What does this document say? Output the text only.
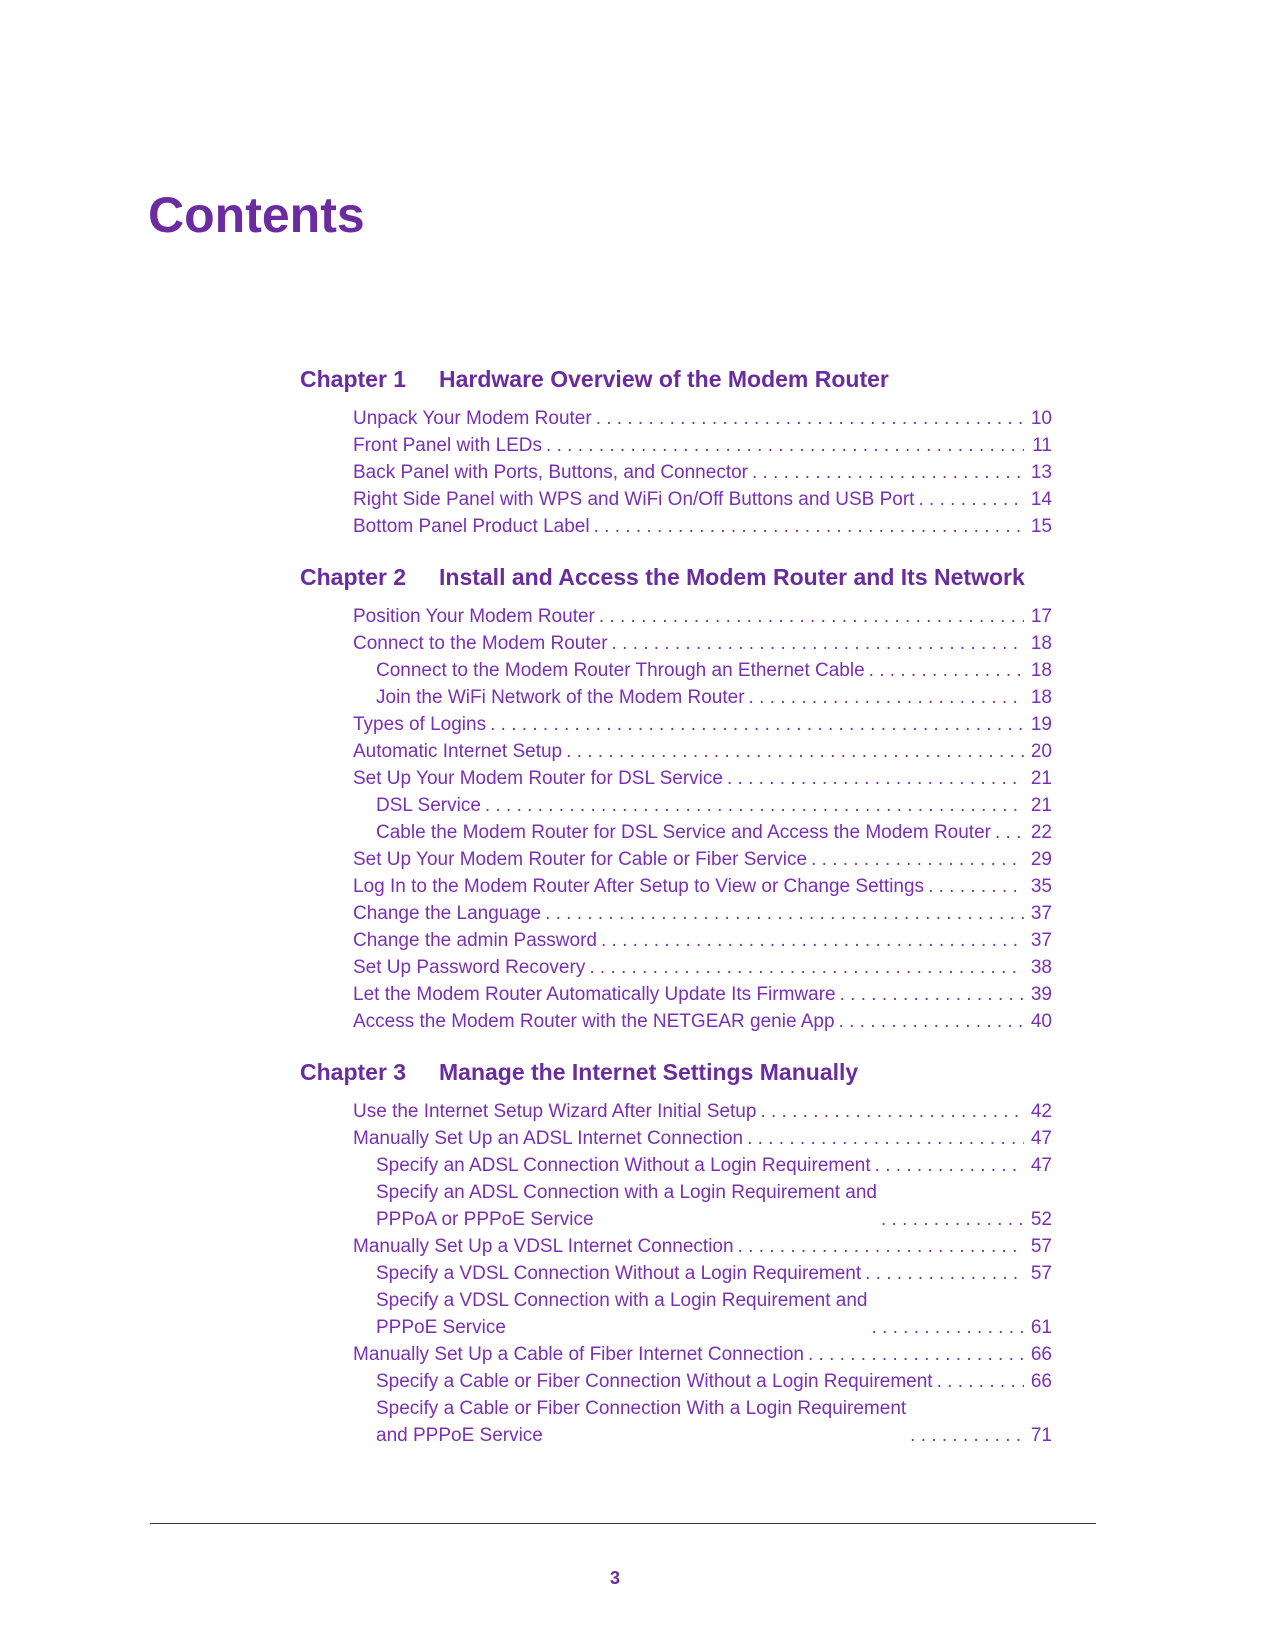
Contents
Chapter 1	Hardware Overview of the Modem Router
Unpack Your Modem Router . . .	10
Front Panel with LEDs . . .	11
Back Panel with Ports, Buttons, and Connector . . .	13
Right Side Panel with WPS and WiFi On/Off Buttons and USB Port . . .	14
Bottom Panel Product Label . . .	15
Chapter 2	Install and Access the Modem Router and Its Network
Position Your Modem Router . . .	17
Connect to the Modem Router . . .	18
Connect to the Modem Router Through an Ethernet Cable . . .	18
Join the WiFi Network of the Modem Router . . .	18
Types of Logins . . .	19
Automatic Internet Setup . . .	20
Set Up Your Modem Router for DSL Service . . .	21
DSL Service . . .	21
Cable the Modem Router for DSL Service and Access the Modem Router . . . 22
Set Up Your Modem Router for Cable or Fiber Service . . .	29
Log In to the Modem Router After Setup to View or Change Settings . . .	35
Change the Language . . .	37
Change the admin Password . . .	37
Set Up Password Recovery . . .	38
Let the Modem Router Automatically Update Its Firmware . . .	39
Access the Modem Router with the NETGEAR genie App . . .	40
Chapter 3	Manage the Internet Settings Manually
Use the Internet Setup Wizard After Initial Setup . . .	42
Manually Set Up an ADSL Internet Connection . . .	47
Specify an ADSL Connection Without a Login Requirement . . .	47
Specify an ADSL Connection with a Login Requirement and
PPPoA or PPPoE Service . . .	52
Manually Set Up a VDSL Internet Connection . . .	57
Specify a VDSL Connection Without a Login Requirement . . .	57
Specify a VDSL Connection with a Login Requirement and
PPPoE Service . . .	61
Manually Set Up a Cable of Fiber Internet Connection . . .	66
Specify a Cable or Fiber Connection Without a Login Requirement . . .	66
Specify a Cable or Fiber Connection With a Login Requirement
and PPPoE Service . . .	71
3
